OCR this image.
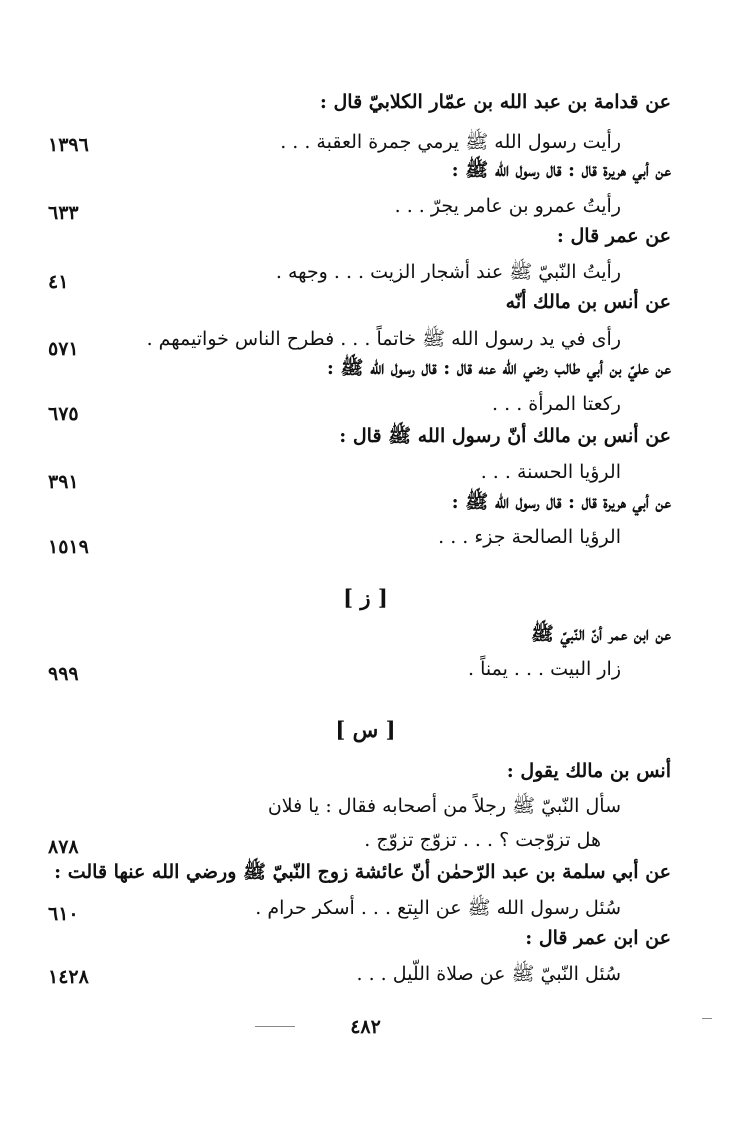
عن قدامة بن عبد الله بن عمّار الكلابيّ قال :
رأيت رسول الله ﷺ يرمي جمرة العقبة . . .
١٣٩٦
عن أبي هريرة قال : قال رسول الله ﷺ :
رأيتُ عمرو بن عامر يجرّ . . .
٦٣٣
عن عمر قال :
رأيتُ النّبيّ ﷺ عند أشجار الزيت . . . وجهه .
٤١
عن أنس بن مالك أنّه
رأى في يد رسول الله ﷺ خاتماً . . . فطرح الناس خواتيمهم .
٥٧١
عن عليّ بن أبي طالب رضي الله عنه قال : قال رسول الله ﷺ :
ركعتا المرأة . . .
٦٧٥
عن أنس بن مالك أنّ رسول الله ﷺ قال :
الرؤيا الحسنة . . .
٣٩١
عن أبي هريرة قال : قال رسول الله ﷺ :
الرؤيا الصالحة جزء . . .
١٥١٩
[ ز ]
عن ابن عمر أنّ النّبيّ ﷺ
زار البيت . . . يمناً .
٩٩٩
[ س ]
أنس بن مالك يقول :
سأل النّبيّ ﷺ رجلاً من أصحابه فقال : يا فلان
هل تزوّجت ؟ . . . تزوّج تزوّج .
٨٧٨
عن أبي سلمة بن عبد الرّحمٰن أنّ عائشة زوج النّبيّ ﷺ ورضي الله عنها قالت :
سُئل رسول الله ﷺ عن البِتع . . . أسكر حرام .
٦١٠
عن ابن عمر قال :
سُئل النّبيّ ﷺ عن صلاة اللّيل . . .
١٤٢٨
٤٨٢
